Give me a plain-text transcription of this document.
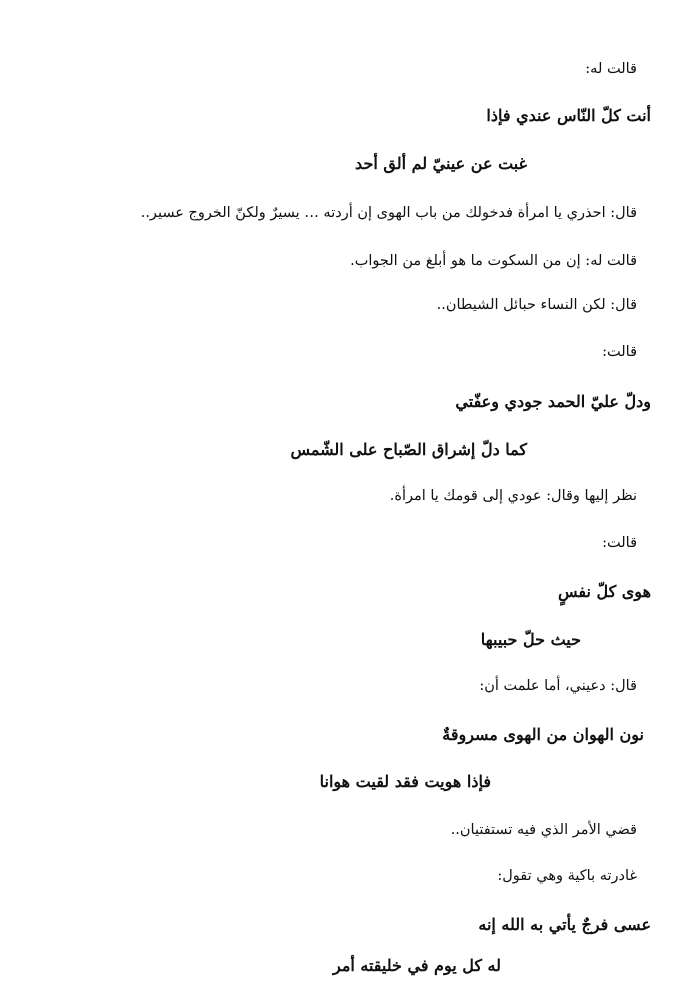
قالت له:
أنت كلّ النّاس عندي فإذا
غبت عن عينيّ لم ألق أحد
قال: احذري يا امرأة فدخولك من باب الهوى إن أردته … يسيرٌ ولكنّ الخروج عسير..
قالت له: إن من السكوت ما هو أبلغ من الجواب.
قال: لكن النساء حبائل الشيطان..
قالت:
ودلّ عليّ الحمد جودي وعفّتي
كما دلّ إشراق الصّباح على الشّمس
نظر إليها وقال: عودي إلى قومك يا امرأة.
قالت:
هوى كلّ نفسٍ
حيث حلّ حبيبها
قال: دعيني، أما علمت أن:
نون الهوان من الهوى مسروقةٌ
فإذا هويت فقد لقيت هوانا
قضي الأمر الذي فيه تستفتيان..
غادرته باكية وهي تقول:
عسى فرجٌ يأتي به الله إنه
له كل يوم في خليقته أمر
